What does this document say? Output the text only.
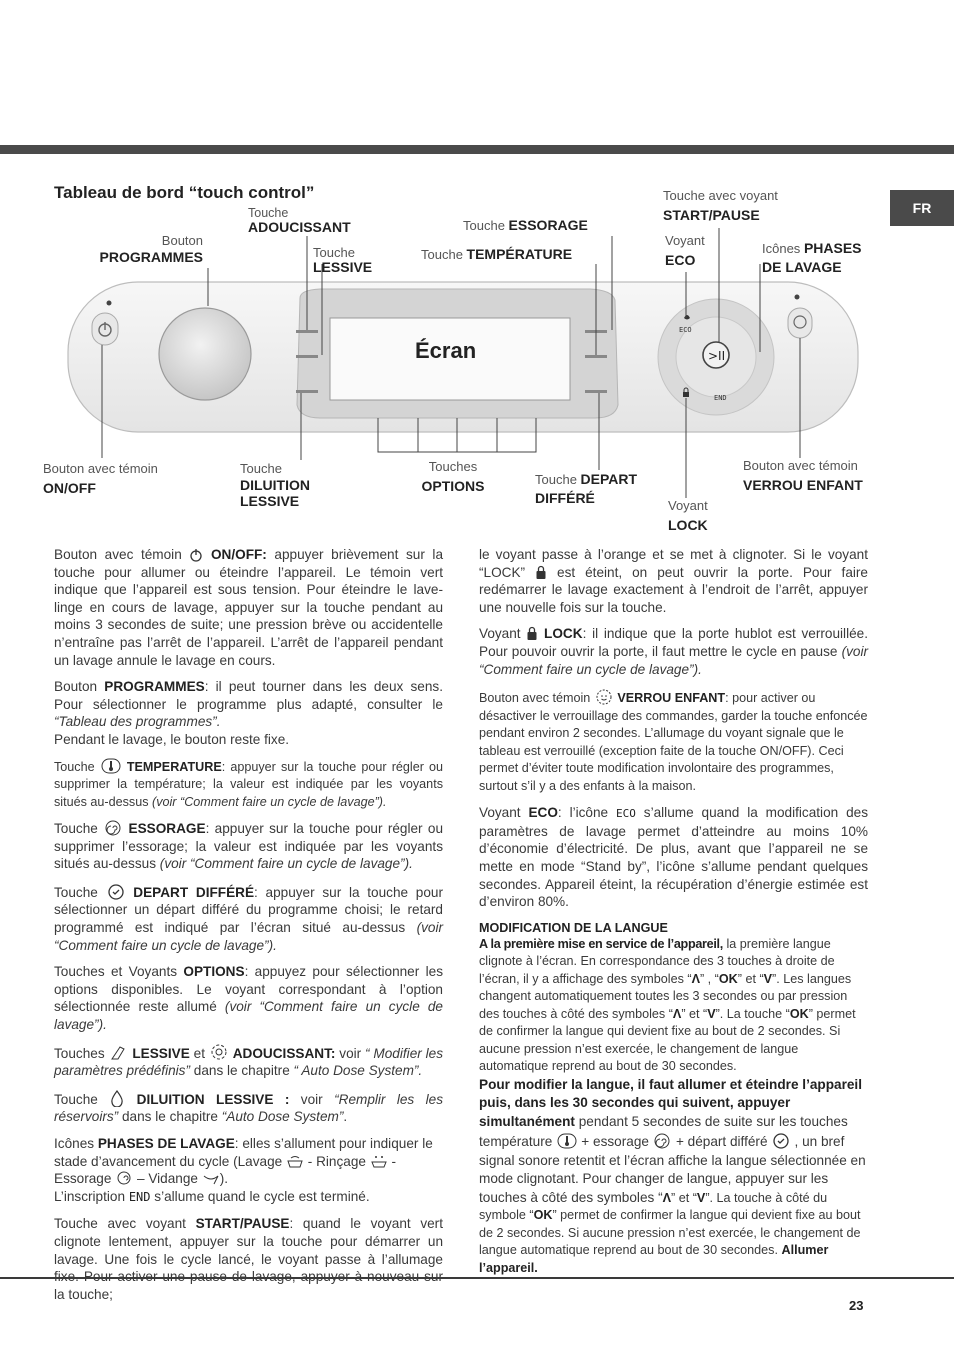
FR
Tableau de bord “touch control”
>II
ECO
END
Écran
Bouton
PROGRAMMES
Touche
ADOUCISSANT
Touche
LESSIVE
Touche ESSORAGE
Touche TEMPÉRATURE
Touche avec voyant
START/PAUSE
Voyant
ECO
Icônes PHASES
DE LAVAGE
Bouton avec témoin
ON/OFF
Touche
DILUITION
LESSIVE
Touches
OPTIONS	Touche DEPART
DIFFÉRÉ	Voyant
LOCK
Bouton avec témoin
VERROU ENFANT

Bouton avec témoin ON/OFF: appuyer brièvement sur la touche pour allumer ou éteindre l’appareil. Le témoin vert indique que l’appareil est sous tension. Pour éteindre le lave-linge en cours de lavage, appuyer sur la touche pendant au moins 3 secondes de suite; une pression brève ou accidentelle n’entraîne pas l’arrêt de l’appareil. L’arrêt de l’appareil pendant un lavage annule le lavage en cours.

Bouton PROGRAMMES: il peut tourner dans les deux sens. Pour sélectionner le programme plus adapté, consulter le “Tableau des programmes”.
Pendant le lavage, le bouton reste fixe.

Touche	TEMPERATURE: appuyer sur la touche pour régler ou supprimer la température; la valeur est indiquée par les voyants situés au-dessus (voir “Comment faire un cycle de lavage”).

Touche ESSORAGE: appuyer sur la touche pour régler ou supprimer l’essorage; la valeur est indiquée par les voyants situés au-dessus (voir “Comment faire un cycle de lavage”).

Touche	DEPART DIFFÉRÉ: appuyer sur la touche pour sélectionner un départ différé du programme choisi; le retard programmé est indiqué par l’écran situé au-dessus (voir “Comment faire un cycle de lavage”).

Touches et Voyants OPTIONS: appuyez pour sélectionner les options disponibles. Le voyant correspondant à l’option sélectionnée reste allumé (voir “Comment faire un cycle de lavage”).

Touches LESSIVE et ADOUCISSANT: voir “ Modifier les paramètres prédéfinis” dans le chapitre “ Auto Dose System”.

Touche	DILUITION LESSIVE : voir “Remplir les les réservoirs” dans le chapitre “Auto Dose System”.

Icônes PHASES DE LAVAGE: elles s’allument pour indiquer le stade d’avancement du cycle (Lavage  - Rinçage  - Essorage  – Vidange ).
L’inscription END s’allume quand le cycle est terminé.

Touche avec voyant START/PAUSE: quand le voyant vert clignote lentement, appuyer sur la touche pour démarrer un lavage. Une fois le cycle lancé, le voyant passe à l’allumage la touche;

le voyant passe à l’orange et se met à clignoter. Si le voyant “LOCK”  est éteint, on peut ouvrir la porte. Pour faire redémarrer le lavage exactement à l’endroit de l’arrêt, appuyer une nouvelle fois sur la touche.

Voyant LOCK: il indique que la porte hublot est verrouillée. Pour pouvoir ouvrir la porte, il faut mettre le cycle en pause (voir “Comment faire un cycle de lavage”).

Bouton avec témoin VERROU ENFANT: pour activer ou désactiver le verrouillage des commandes, garder la touche enfoncée pendant environ 2 secondes. L’allumage du voyant signale que le tableau est verrouillé (exception faite de la touche ON/OFF). Ceci permet d’éviter toute modification involontaire des programmes, surtout s’il y a des enfants à la maison.

Voyant ECO: l’icône ECO s’allume quand la modification des paramètres de lavage permet d’atteindre au moins 10% d’économie d’électricité. De plus, avant que l’appareil ne se mette en mode “Stand by”, l’icône s’allume pendant quelques secondes. Appareil éteint, la récupération d’énergie estimée est d’environ 80%.

MODIFICATION DE LA LANGUE

A la première mise en service de l’appareil, la première langue clignote à l’écran. En correspondance des 3 touches à droite de l’écran, il y a affichage des symboles “Λ” , “OK” et “V”. Les langues changent automatiquement toutes les 3 secondes ou par pression des touches à côté des symboles “Λ” et “V”. La touche “OK” permet de confirmer la langue qui devient fixe au bout de 2 secondes. Si aucune pression n’est exercée, le changement de langue automatique reprend au bout de 30 secondes.

Pour modifier la langue, il faut allumer et éteindre l’appareil puis, dans les 30 secondes qui suivent, appuyer simultanément pendant 5 secondes de suite sur les touches température  + essorage  + départ différé , un bref signal sonore retentit et l’écran affiche la langue sélectionnée en mode clignotant. Pour changer de langue, appuyer sur les touches à côté des symboles “Λ” et “V”. La touche à côté du symbole “OK” permet de confirmer la langue qui devient fixe au bout de 2 secondes. Si aucune pression n’est exercée, le changement de langue automatique reprend au bout de 30 secondes. Allumer l’appareil.

23
